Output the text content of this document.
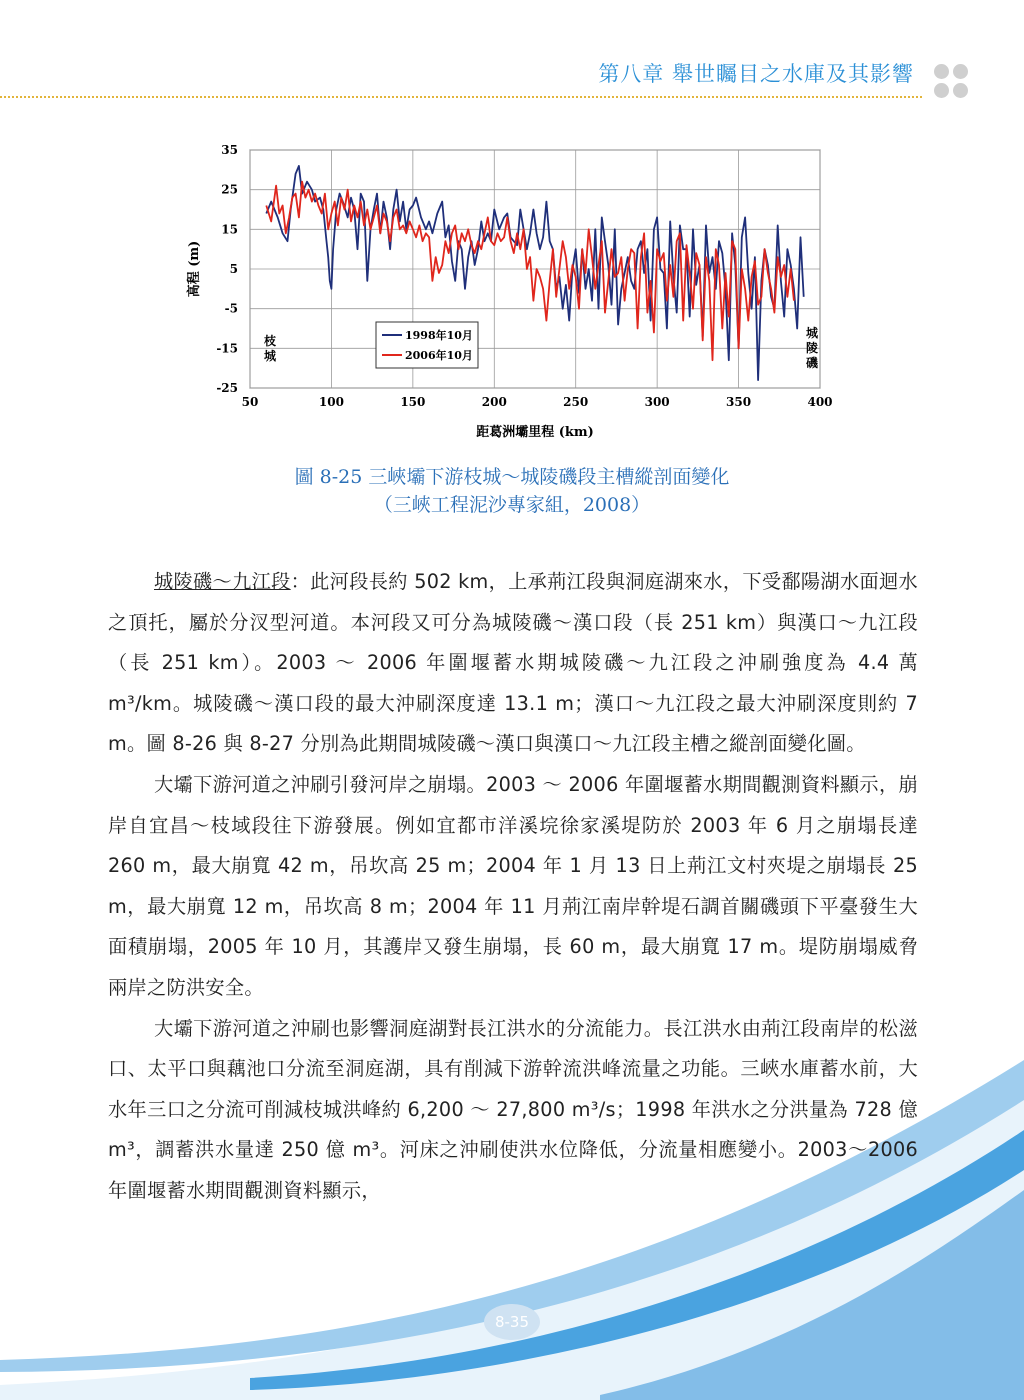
第八章 舉世矚目之水庫及其影響
50	100	150	200	250	300	350	400
35
25
15
5
-5
-15
-25
距葛洲壩里程 (km)
高程 (m)
枝城
城陵磯
1998年10月
2006年10月
圖 8-25 三峽壩下游枝城～城陵磯段主槽縱剖面變化
（三峽工程泥沙專家組，2008）

城陵磯～九江段：此河段長約 502 km，上承荊江段與洞庭湖來水，下受鄱陽湖水面迴水之頂托，屬於分汊型河道。本河段又可分為城陵磯～漢口段（長 251 km）與漢口～九江段（長 251 km）。2003 ～ 2006 年圍堰蓄水期城陵磯～九江段之沖刷強度為 4.4 萬 m³/km。城陵磯～漢口段的最大沖刷深度達 13.1 m；漢口～九江段之最大沖刷深度則約 7 m。圖 8-26 與 8-27 分別為此期間城陵磯～漢口與漢口～九江段主槽之縱剖面變化圖。

大壩下游河道之沖刷引發河岸之崩塌。2003 ～ 2006 年圍堰蓄水期間觀測資料顯示，崩岸自宜昌～枝域段往下游發展。例如宜都市洋溪垸徐家溪堤防於 2003 年 6 月之崩塌長達 260 m，最大崩寬 42 m，吊坎高 25 m；2004 年 1 月 13 日上荊江文村夾堤之崩塌長 25 m，最大崩寬 12 m，吊坎高 8 m；2004 年 11 月荊江南岸幹堤石調首關磯頭下平臺發生大面積崩塌，2005 年 10 月，其護岸又發生崩塌，長 60 m，最大崩寬 17 m。堤防崩塌威脅兩岸之防洪安全。

大壩下游河道之沖刷也影響洞庭湖對長江洪水的分流能力。長江洪水由荊江段南岸的松滋口、太平口與藕池口分流至洞庭湖，具有削減下游幹流洪峰流量之功能。三峽水庫蓄水前，大水年三口之分流可削減枝城洪峰約 6,200 ～ 27,800 m³/s；1998 年洪水之分洪量為 728 億 m³，調蓄洪水量達 250 億 m³。河床之沖刷使洪水位降低，分流量相應變小。2003～2006年圍堰蓄水期間觀測資料顯示，

8-35
